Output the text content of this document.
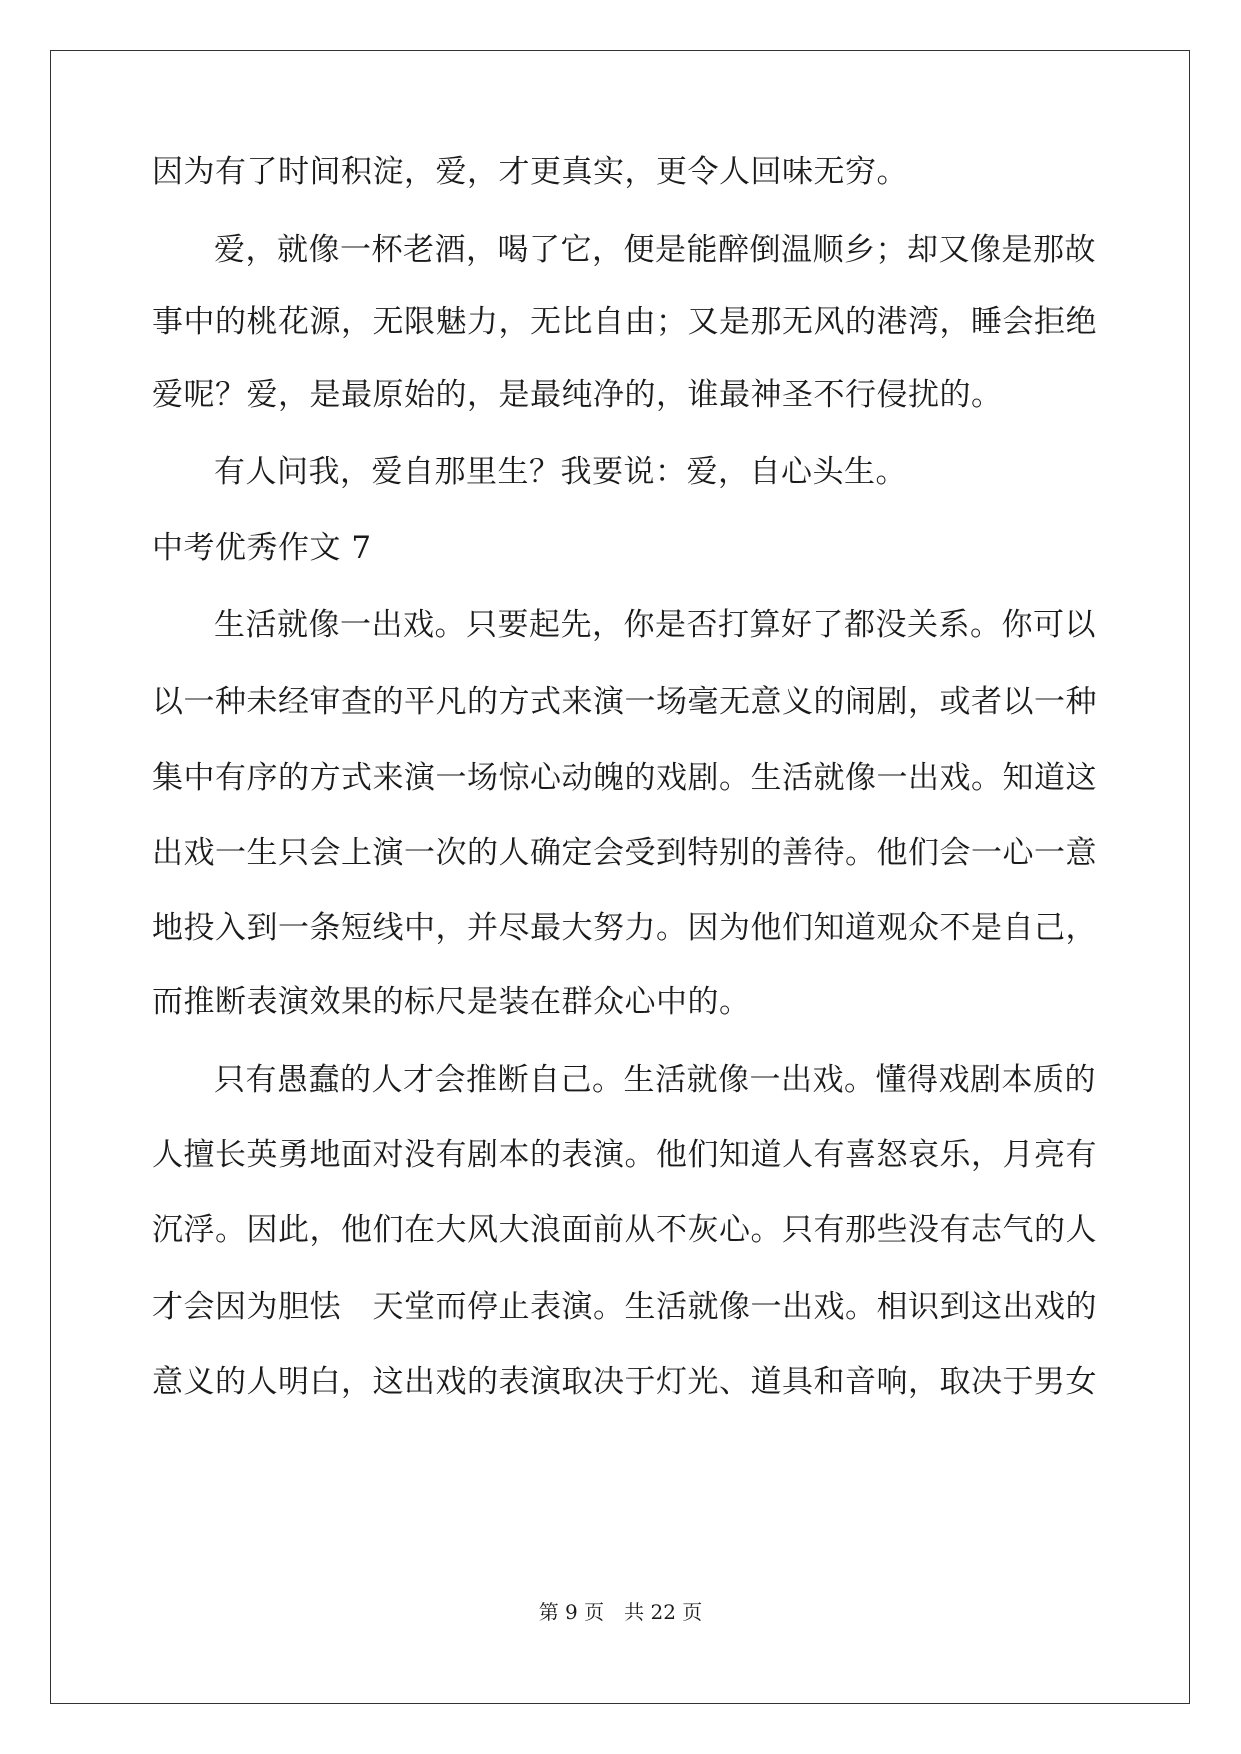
因为有了时间积淀，爱，才更真实，更令人回味无穷。
爱，就像一杯老酒，喝了它，便是能醉倒温顺乡；却又像是那故
事中的桃花源，无限魅力，无比自由；又是那无风的港湾，睡会拒绝
爱呢？爱，是最原始的，是最纯净的，谁最神圣不行侵扰的。
有人问我，爱自那里生？我要说：爱，自心头生。
中考优秀作文 7
生活就像一出戏。只要起先，你是否打算好了都没关系。你可以
以一种未经审查的平凡的方式来演一场毫无意义的闹剧，或者以一种
集中有序的方式来演一场惊心动魄的戏剧。生活就像一出戏。知道这
出戏一生只会上演一次的人确定会受到特别的善待。他们会一心一意
地投入到一条短线中，并尽最大努力。因为他们知道观众不是自己，
而推断表演效果的标尺是装在群众心中的。
只有愚蠢的人才会推断自己。生活就像一出戏。懂得戏剧本质的
人擅长英勇地面对没有剧本的表演。他们知道人有喜怒哀乐，月亮有
沉浮。因此，他们在大风大浪面前从不灰心。只有那些没有志气的人
才会因为胆怯　天堂而停止表演。生活就像一出戏。相识到这出戏的
意义的人明白，这出戏的表演取决于灯光、道具和音响，取决于男女
第 9 页　共 22 页
